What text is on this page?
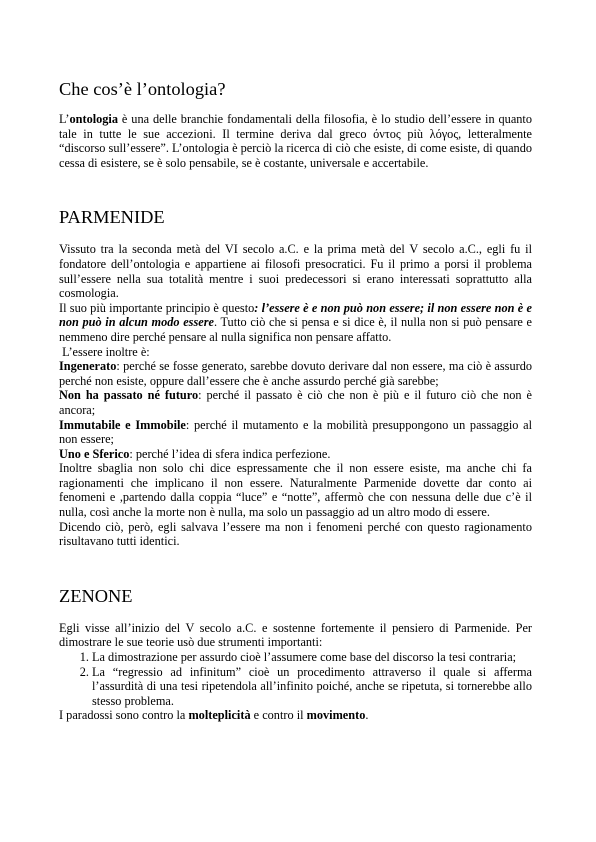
Che cos’è l’ontologia?

L’ontologia è una delle branchie fondamentali della filosofia, è lo studio dell’essere in quanto tale in tutte le sue accezioni. Il termine deriva dal greco όντος più λόγος, letteralmente “discorso sull’essere”. L’ontologia è perciò la ricerca di ciò che esiste, di come esiste, di quando cessa di esistere, se è solo pensabile, se è costante, universale e accertabile.

PARMENIDE

Vissuto tra la seconda metà del VI secolo a.C. e la prima metà del V secolo a.C., egli fu il fondatore dell’ontologia e appartiene ai filosofi presocratici. Fu il primo a porsi il problema sull’essere nella sua totalità mentre i suoi predecessori si erano interessati soprattutto alla cosmologia.

Il suo più importante principio è questo: l’essere è e non può non essere; il non essere non è e non può in alcun modo essere. Tutto ciò che si pensa e si dice è, il nulla non si può pensare e nemmeno dire perché pensare al nulla significa non pensare affatto.

L’essere inoltre è:

Ingenerato: perché se fosse generato, sarebbe dovuto derivare dal non essere, ma ciò è assurdo perché non esiste, oppure dall’essere che è anche assurdo perché già sarebbe;

Non ha passato né futuro: perché il passato è ciò che non è più e il futuro ciò che non è ancora;

Immutabile e Immobile: perché il mutamento e la mobilità presuppongono un passaggio al non essere;

Uno e Sferico: perché l’idea di sfera indica perfezione.

Inoltre sbaglia non solo chi dice espressamente che il non essere esiste, ma anche chi fa ragionamenti che implicano il non essere. Naturalmente Parmenide dovette dar conto ai fenomeni e ,partendo dalla coppia “luce” e “notte”, affermò che con nessuna delle due c’è il nulla, così anche la morte non è nulla, ma solo un passaggio ad un altro modo di essere.

Dicendo ciò, però, egli salvava l’essere ma non i fenomeni perché con questo ragionamento risultavano tutti identici.

ZENONE

Egli visse all’inizio del V secolo a.C. e sostenne fortemente il pensiero di Parmenide. Per dimostrare le sue teorie usò due strumenti importanti:

1. La dimostrazione per assurdo cioè l’assumere come base del discorso la tesi contraria;
2. La “regressio ad infinitum” cioè un procedimento attraverso il quale si afferma l’assurdità di una tesi ripetendola all’infinito poiché, anche se ripetuta, si tornerebbe allo stesso problema.

I paradossi sono contro la molteplicità e contro il movimento.
